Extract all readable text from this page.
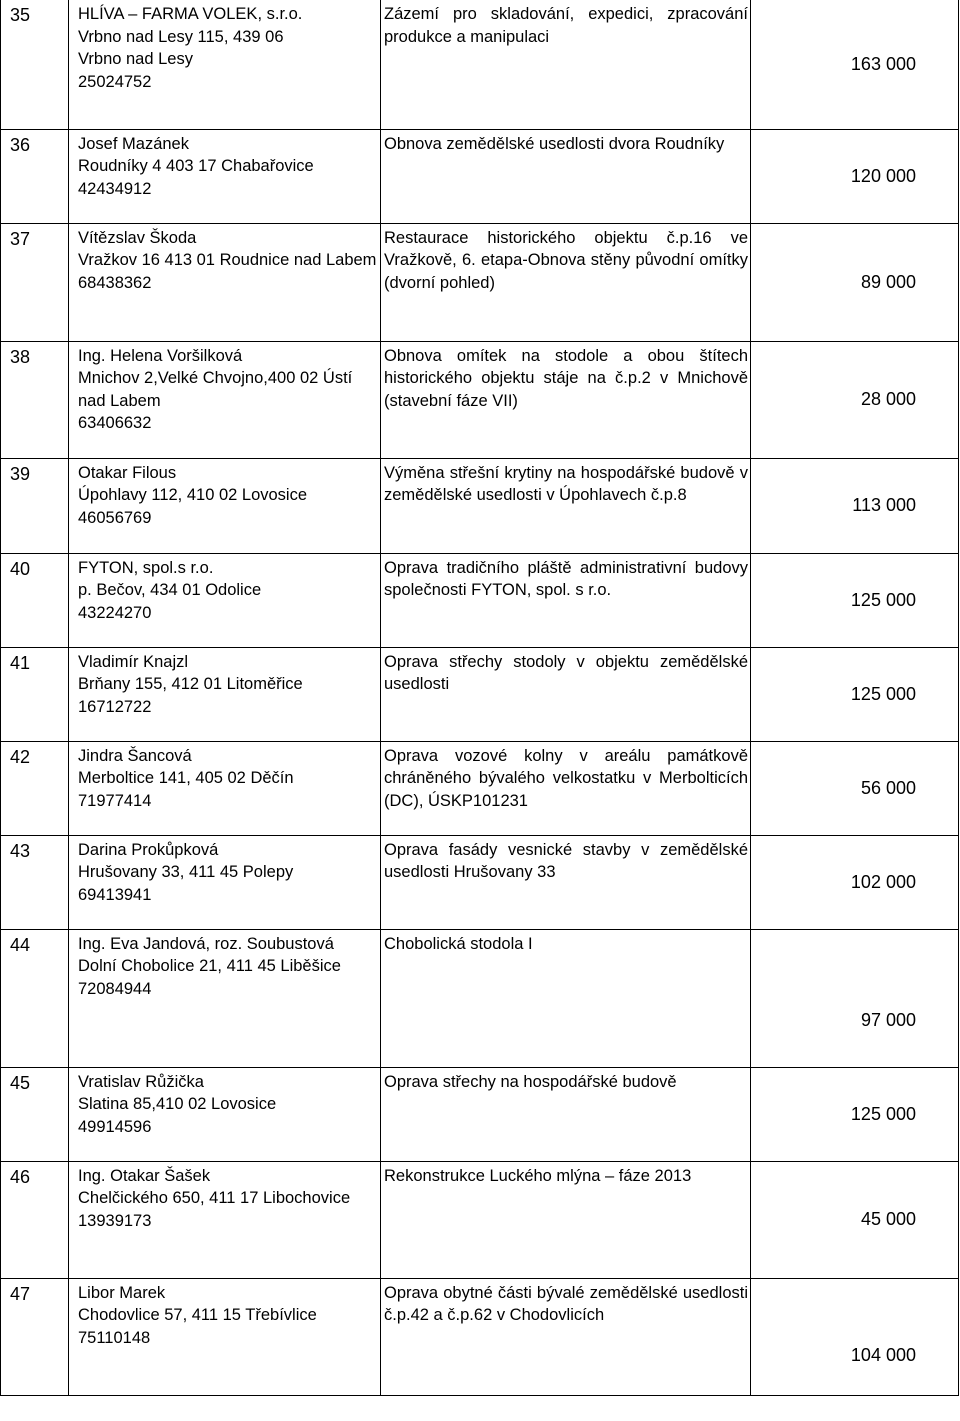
35	HLÍVA – FARMA VOLEK, s.r.o.
Vrbno nad Lesy 115, 439 06
Vrbno nad Lesy
25024752	Zázemí pro skladování, expedici, zpracování produkce a manipulaci	163 000
36	Josef Mazánek
Roudníky 4 403 17 Chabařovice
42434912	Obnova zemědělské usedlosti dvora Roudníky	120 000
37	Vítězslav Škoda
Vražkov 16 413 01 Roudnice nad Labem
68438362	Restaurace historického objektu č.p.16 ve Vražkově, 6. etapa-Obnova stěny původní omítky (dvorní pohled)	89 000
38	Ing. Helena Voršilková
Mnichov 2,Velké Chvojno,400 02 Ústí nad Labem
63406632	Obnova omítek na stodole a obou štítech historického objektu stáje na č.p.2 v Mnichově (stavební fáze VII)	28 000
39	Otakar Filous
Úpohlavy 112, 410 02 Lovosice
46056769	Výměna střešní krytiny na hospodářské budově v zemědělské usedlosti v Úpohlavech č.p.8	113 000
40	FYTON, spol.s r.o.
p. Bečov, 434 01 Odolice
43224270	Oprava tradičního pláště administrativní budovy společnosti FYTON, spol. s r.o.	125 000
41	Vladimír Knajzl
Brňany 155, 412 01 Litoměřice
16712722	Oprava střechy stodoly v objektu zemědělské usedlosti	125 000
42	Jindra Šancová
Merboltice 141, 405 02 Děčín
71977414	Oprava vozové kolny v areálu památkově chráněného bývalého velkostatku v Merbolticích (DC), ÚSKP101231	56 000
43	Darina Prokůpková
Hrušovany 33, 411 45 Polepy
69413941	Oprava fasády vesnické stavby v zemědělské usedlosti Hrušovany 33	102 000
44	Ing. Eva Jandová, roz. Soubustová
Dolní Chobolice 21, 411 45 Liběšice
72084944	Chobolická stodola I	97 000
45	Vratislav Růžička
Slatina 85,410 02 Lovosice
49914596	Oprava střechy na hospodářské budově	125 000
46	Ing. Otakar Šašek
Chelčického 650, 411 17 Libochovice
13939173	Rekonstrukce Luckého mlýna – fáze 2013	45 000
47	Libor Marek
Chodovlice 57, 411 15 Třebívlice
75110148	Oprava obytné části bývalé zemědělské usedlosti č.p.42 a č.p.62 v Chodovlicích	104 000
